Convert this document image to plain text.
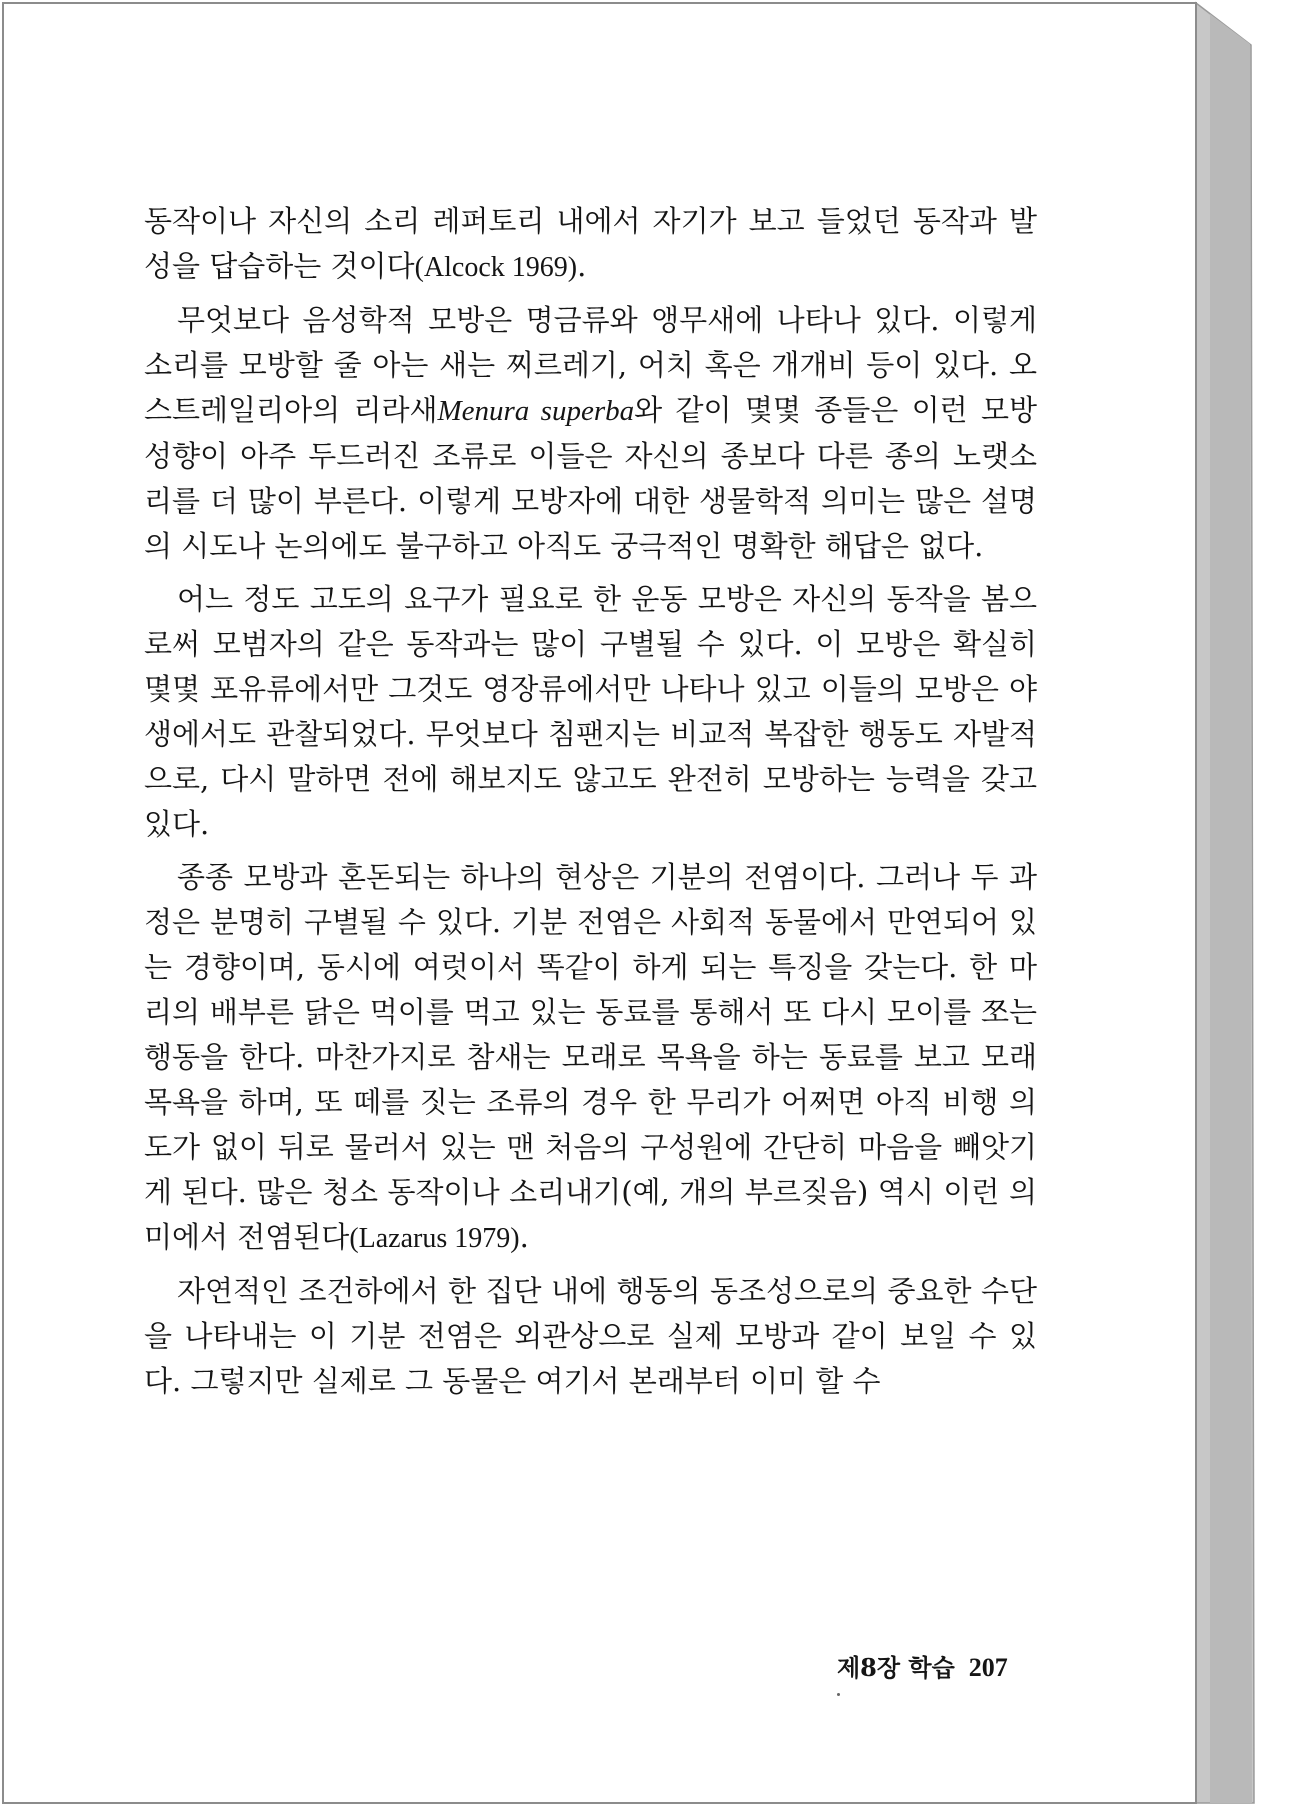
동작이나 자신의 소리 레퍼토리 내에서 자기가 보고 들었던 동작과 발성을 답습하는 것이다(Alcock 1969).

무엇보다 음성학적 모방은 명금류와 앵무새에 나타나 있다. 이렇게 소리를 모방할 줄 아는 새는 찌르레기, 어치 혹은 개개비 등이 있다. 오스트레일리아의 리라새Menura superba와 같이 몇몇 종들은 이런 모방 성향이 아주 두드러진 조류로 이들은 자신의 종보다 다른 종의 노랫소리를 더 많이 부른다. 이렇게 모방자에 대한 생물학적 의미는 많은 설명의 시도나 논의에도 불구하고 아직도 궁극적인 명확한 해답은 없다.

어느 정도 고도의 요구가 필요로 한 운동 모방은 자신의 동작을 봄으로써 모범자의 같은 동작과는 많이 구별될 수 있다. 이 모방은 확실히 몇몇 포유류에서만 그것도 영장류에서만 나타나 있고 이들의 모방은 야생에서도 관찰되었다. 무엇보다 침팬지는 비교적 복잡한 행동도 자발적으로, 다시 말하면 전에 해보지도 않고도 완전히 모방하는 능력을 갖고 있다.

종종 모방과 혼돈되는 하나의 현상은 기분의 전염이다. 그러나 두 과정은 분명히 구별될 수 있다. 기분 전염은 사회적 동물에서 만연되어 있는 경향이며, 동시에 여럿이서 똑같이 하게 되는 특징을 갖는다. 한 마리의 배부른 닭은 먹이를 먹고 있는 동료를 통해서 또 다시 모이를 쪼는 행동을 한다. 마찬가지로 참새는 모래로 목욕을 하는 동료를 보고 모래목욕을 하며, 또 떼를 짓는 조류의 경우 한 무리가 어쩌면 아직 비행 의도가 없이 뒤로 물러서 있는 맨 처음의 구성원에 간단히 마음을 빼앗기게 된다. 많은 청소 동작이나 소리내기(예, 개의 부르짖음) 역시 이런 의미에서 전염된다(Lazarus 1979).

자연적인 조건하에서 한 집단 내에 행동의 동조성으로의 중요한 수단을 나타내는 이 기분 전염은 외관상으로 실제 모방과 같이 보일 수 있다. 그렇지만 실제로 그 동물은 여기서 본래부터 이미 할 수

제8장 학습 207
